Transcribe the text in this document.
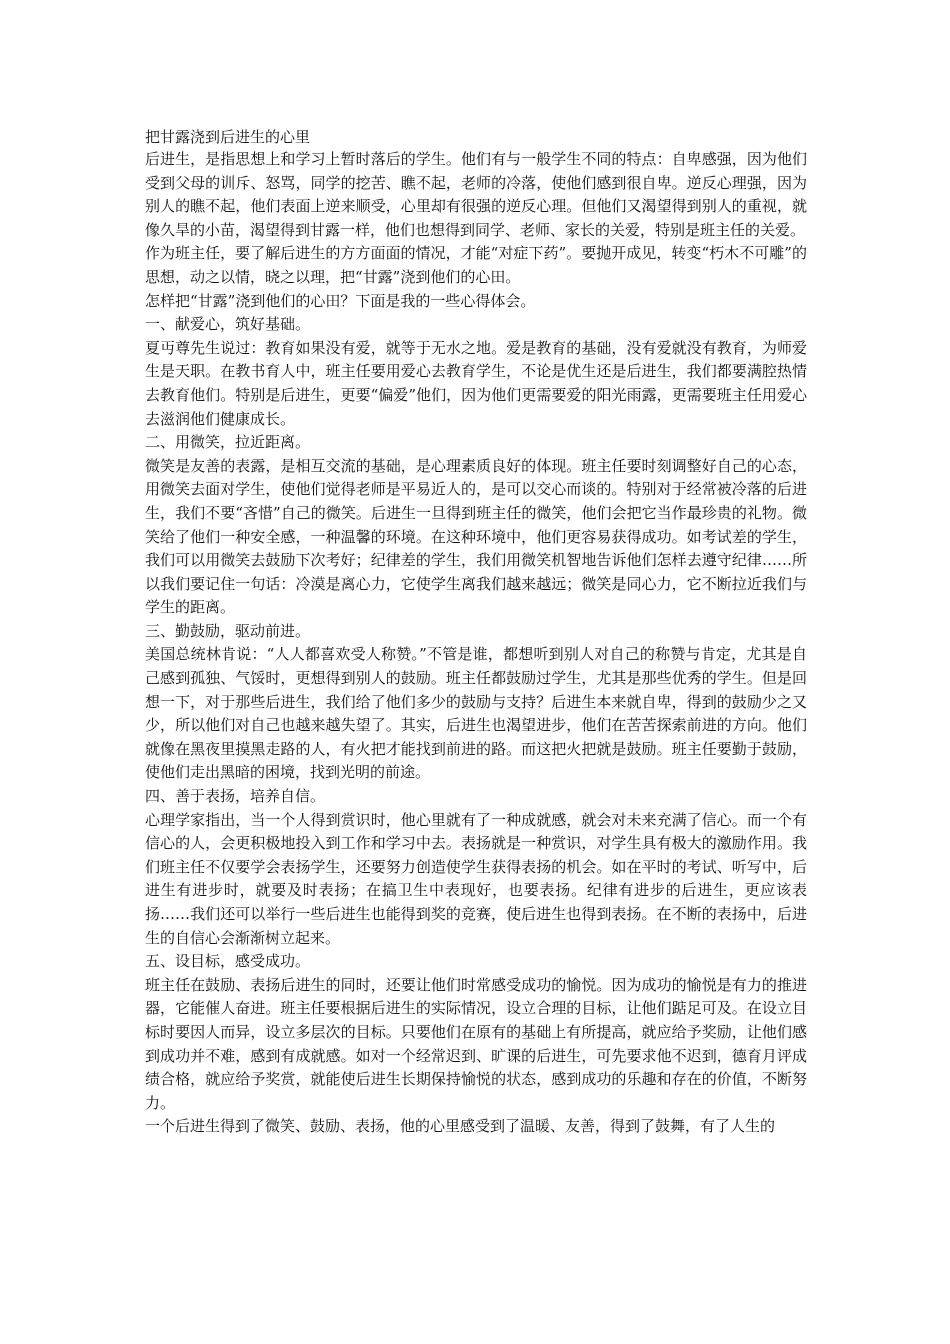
把甘露浇到后进生的心里

后进生，是指思想上和学习上暂时落后的学生。他们有与一般学生不同的特点：自卑感强，因为他们受到父母的训斥、怒骂，同学的挖苦、瞧不起，老师的冷落，使他们感到很自卑。逆反心理强，因为别人的瞧不起，他们表面上逆来顺受，心里却有很强的逆反心理。但他们又渴望得到别人的重视，就像久旱的小苗，渴望得到甘露一样，他们也想得到同学、老师、家长的关爱，特别是班主任的关爱。

作为班主任，要了解后进生的方方面面的情况，才能“对症下药”。要抛开成见，转变“朽木不可雕”的思想，动之以情，晓之以理，把“甘露”浇到他们的心田。

怎样把“甘露”浇到他们的心田？下面是我的一些心得体会。

一、献爱心，筑好基础。

夏丏尊先生说过：教育如果没有爱，就等于无水之地。爱是教育的基础，没有爱就没有教育，为师爱生是天职。在教书育人中，班主任要用爱心去教育学生，不论是优生还是后进生，我们都要满腔热情去教育他们。特别是后进生，更要“偏爱”他们，因为他们更需要爱的阳光雨露，更需要班主任用爱心去滋润他们健康成长。

二、用微笑，拉近距离。

微笑是友善的表露，是相互交流的基础，是心理素质良好的体现。班主任要时刻调整好自己的心态，用微笑去面对学生，使他们觉得老师是平易近人的，是可以交心而谈的。特别对于经常被冷落的后进生，我们不要“吝惜”自己的微笑。后进生一旦得到班主任的微笑，他们会把它当作最珍贵的礼物。微笑给了他们一种安全感，一种温馨的环境。在这种环境中，他们更容易获得成功。如考试差的学生，我们可以用微笑去鼓励下次考好；纪律差的学生，我们用微笑机智地告诉他们怎样去遵守纪律……所以我们要记住一句话：冷漠是离心力，它使学生离我们越来越远；微笑是同心力，它不断拉近我们与学生的距离。

三、勤鼓励，驱动前进。

美国总统林肯说：“人人都喜欢受人称赞。”不管是谁，都想听到别人对自己的称赞与肯定，尤其是自己感到孤独、气馁时，更想得到别人的鼓励。班主任都鼓励过学生，尤其是那些优秀的学生。但是回想一下，对于那些后进生，我们给了他们多少的鼓励与支持？后进生本来就自卑，得到的鼓励少之又少，所以他们对自己也越来越失望了。其实，后进生也渴望进步，他们在苦苦探索前进的方向。他们就像在黑夜里摸黑走路的人，有火把才能找到前进的路。而这把火把就是鼓励。班主任要勤于鼓励，使他们走出黑暗的困境，找到光明的前途。

四、善于表扬，培养自信。

心理学家指出，当一个人得到赏识时，他心里就有了一种成就感，就会对未来充满了信心。而一个有信心的人，会更积极地投入到工作和学习中去。表扬就是一种赏识，对学生具有极大的激励作用。我们班主任不仅要学会表扬学生，还要努力创造使学生获得表扬的机会。如在平时的考试、听写中，后进生有进步时，就要及时表扬；在搞卫生中表现好，也要表扬。纪律有进步的后进生，更应该表扬……我们还可以举行一些后进生也能得到奖的竞赛，使后进生也得到表扬。在不断的表扬中，后进生的自信心会渐渐树立起来。

五、设目标，感受成功。

班主任在鼓励、表扬后进生的同时，还要让他们时常感受成功的愉悦。因为成功的愉悦是有力的推进器，它能催人奋进。班主任要根据后进生的实际情况，设立合理的目标，让他们踮足可及。在设立目标时要因人而异，设立多层次的目标。只要他们在原有的基础上有所提高，就应给予奖励，让他们感到成功并不难，感到有成就感。如对一个经常迟到、旷课的后进生，可先要求他不迟到，德育月评成绩合格，就应给予奖赏，就能使后进生长期保持愉悦的状态，感到成功的乐趣和存在的价值，不断努力。

一个后进生得到了微笑、鼓励、表扬，他的心里感受到了温暖、友善，得到了鼓舞，有了人生的
